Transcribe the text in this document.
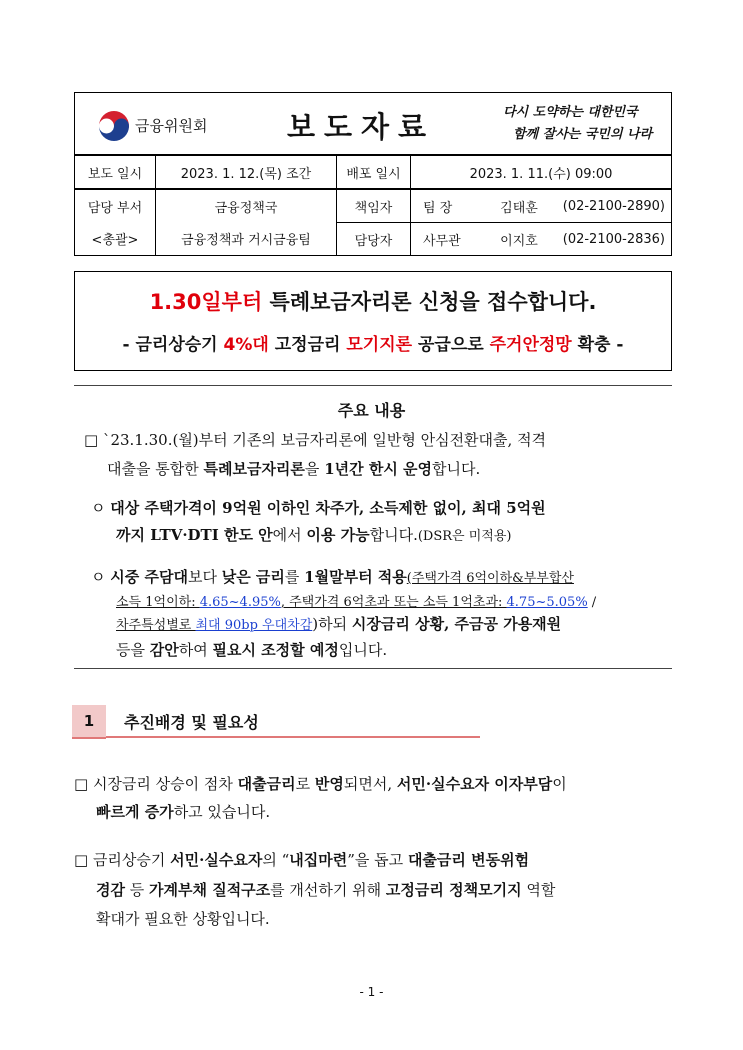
금융위원회	보도자료	다시 도약하는 대한민국
함께 잘사는 국민의 나라
보도 일시	2023. 1. 12.(목) 조간	배포 일시	2023. 1. 11.(수) 09:00		
담당 부서	금융정책국	책임자	팀 장	김태훈	(02-2100-2890)
<총괄>	금융정책과 거시금융팀	담당자	사무관	이지호	(02-2100-2836)
1.30일부터 특례보금자리론 신청을 접수합니다.
- 금리상승기 4%대 고정금리 모기지론 공급으로 주거안정망 확충 -
주요 내용
□ `23.1.30.(월)부터 기존의 보금자리론에 일반형 안심전환대출, 적격
대출을 통합한 특례보금자리론을 1년간 한시 운영합니다.
ㅇ 대상 주택가격이 9억원 이하인 차주가, 소득제한 없이, 최대 5억원
까지 LTV·DTI 한도 안에서 이용 가능합니다.(DSR은 미적용)
ㅇ 시중 주담대보다 낮은 금리를 1월말부터 적용(주택가격 6억이하&부부합산
소득 1억이하: 4.65~4.95%, 주택가격 6억초과 또는 소득 1억초과: 4.75~5.05% /
차주특성별로 최대 90bp 우대차감)하되 시장금리 상황, 주금공 가용재원
등을 감안하여 필요시 조정할 예정입니다.
1	추진배경 및 필요성
□ 시장금리 상승이 점차 대출금리로 반영되면서, 서민·실수요자 이자부담이
빠르게 증가하고 있습니다.
□ 금리상승기 서민·실수요자의 “내집마련”을 돕고 대출금리 변동위험
경감 등 가계부채 질적구조를 개선하기 위해 고정금리 정책모기지 역할
확대가 필요한 상황입니다.
- 1 -
